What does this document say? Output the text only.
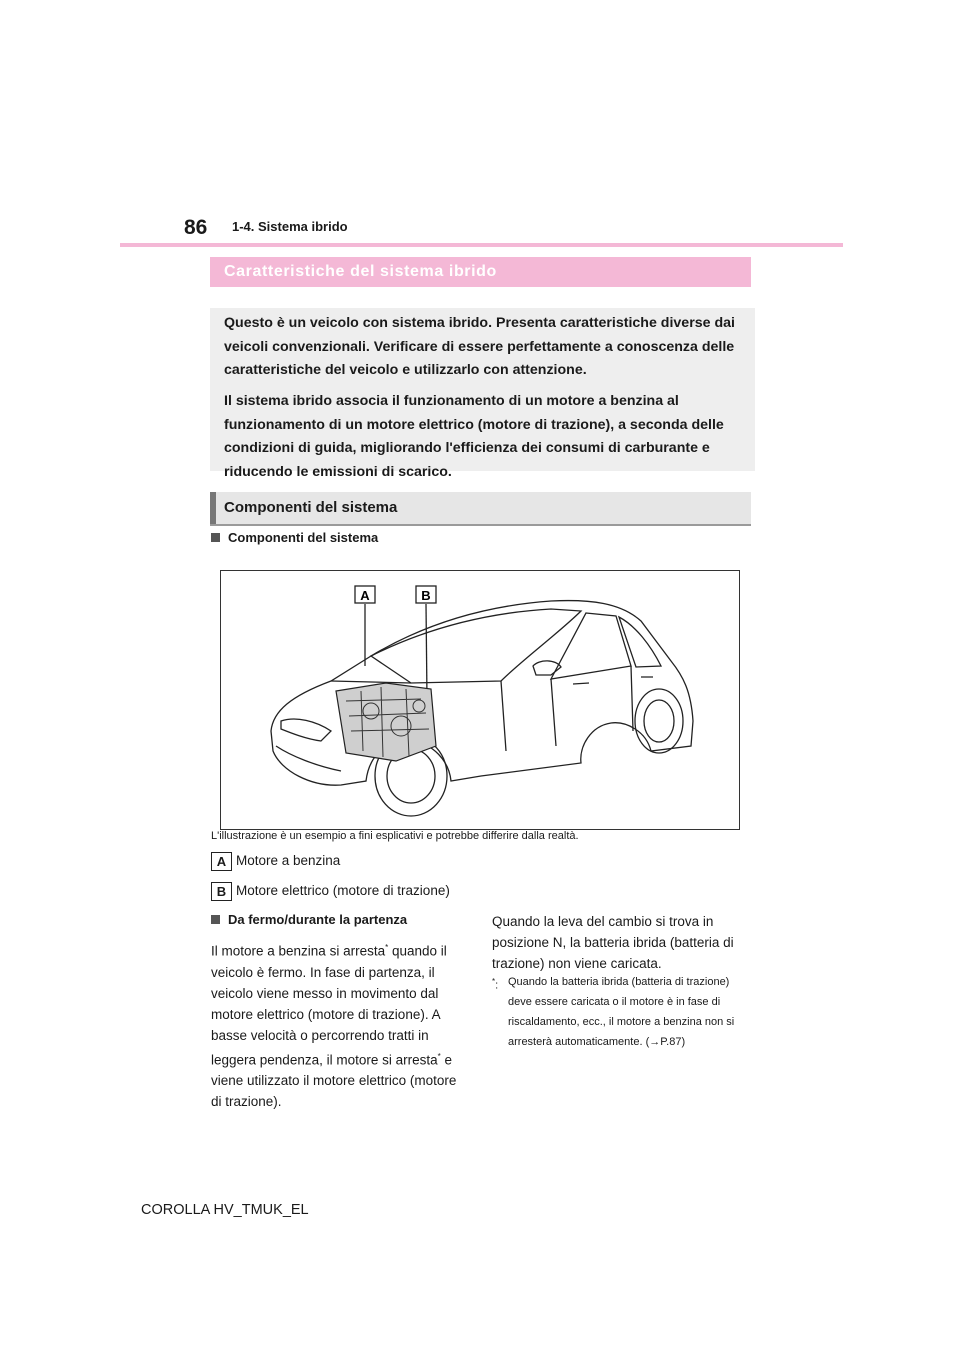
86 1-4. Sistema ibrido
Caratteristiche del sistema ibrido

Questo è un veicolo con sistema ibrido. Presenta caratteristiche diverse dai veicoli convenzionali. Verificare di essere perfettamente a conoscenza delle caratteristiche del veicolo e utilizzarlo con attenzione.

Il sistema ibrido associa il funzionamento di un motore a benzina al funzionamento di un motore elettrico (motore di trazione), a seconda delle condizioni di guida, migliorando l'efficienza dei consumi di carburante e riducendo le emissioni di scarico.

Componenti del sistema
Componenti del sistema
A	B
L'illustrazione è un esempio a fini esplicativi e potrebbe differire dalla realtà.
A Motore a benzina
B Motore elettrico (motore di trazione)
Da fermo/durante la partenza

Il motore a benzina si arresta* quando il veicolo è fermo. In fase di partenza, il veicolo viene messo in movimento dal motore elettrico (motore di trazione). A basse velocità o percorrendo tratti in leggera pendenza, il motore si arresta* e viene utilizzato il motore elettrico (motore di trazione).

Quando la leva del cambio si trova in posizione N, la batteria ibrida (batteria di trazione) non viene caricata.

*: Quando la batteria ibrida (batteria di trazione) deve essere caricata o il motore è in fase di riscaldamento, ecc., il motore a benzina non si arresterà automaticamente. (→P.87)

COROLLA HV_TMUK_EL
